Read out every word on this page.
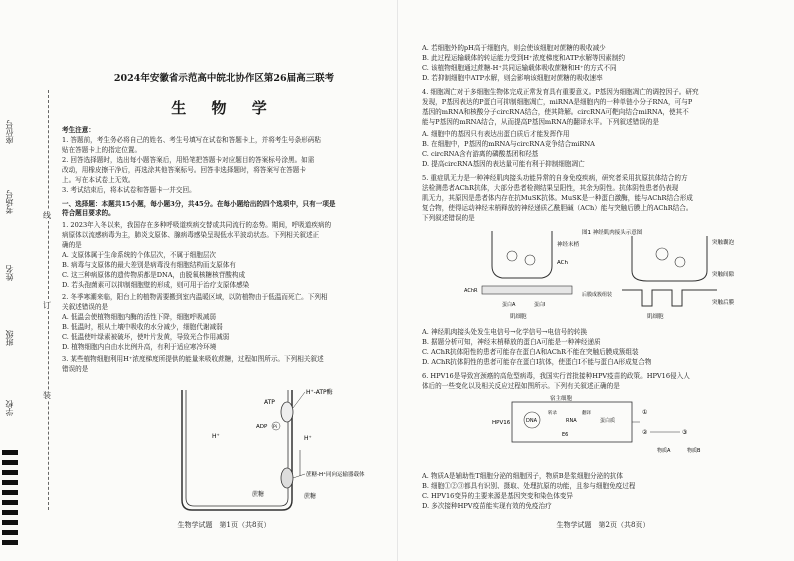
座位号
考场号
姓名
班级
学校
线
订
装
2024年安徽省示范高中皖北协作区第26届高三联考
生 物 学
考生注意：
1. 答题前，考生务必将自己的姓名、考生号填写在试卷和答题卡上，并将考生号条形码粘
贴在答题卡上的指定位置。
2. 回答选择题时，选出每小题答案后，用铅笔把答题卡对应题目的答案标号涂黑。如需
改动，用橡皮擦干净后，再选涂其他答案标号。回答非选择题时，将答案写在答题卡
上。写在本试卷上无效。
3. 考试结束后，将本试卷和答题卡一并交回。
一、选择题：本题共15小题，每小题3分，共45分。在每小题给出的四个选项中，只有一项是
符合题目要求的。
1. 2023年入冬以来，我国存在多种呼吸道疾病交替或共同流行的态势。期间，呼吸道疾病的
病原体以流感病毒为主，肺炎支原体、腺病毒感染呈现低水平波动状态。下列相关叙述正
确的是
A. 支原体属于生命系统的个体层次，不属于细胞层次
B. 病毒与支原体的最大差别是病毒没有细胞结构而支原体有
C. 这三种病原体的遗传物质都是DNA，由脱氧核糖核苷酸构成
D. 若头孢菌素可以抑制细胞壁的形成，则可用于治疗支原体感染
2. 冬季寒潮来临，阳台上的植物需要搬到室内温暖区域，以防植物由于低温而死亡。下列相
关叙述错误的是
A. 低温会使植物细胞内酶的活性下降，细胞呼吸减弱
B. 低温时，根从土壤中吸收的水分减少，细胞代谢减弱
C. 低温使叶绿素被破坏，使叶片发黄，导致光合作用减弱
D. 植物细胞内自由水比例升高，有利于适应寒冷环境
3. 某些植物细胞利用H⁺浓度梯度所提供的能量来吸收蔗糖，过程如图所示。下列相关叙述
错误的是
H⁺-ATP酶
ATP
ADP Pi
H⁺	H⁺
蔗糖-H⁺同向运输器载体
蔗糖	蔗糖
生物学试题　第1页（共8页）
A. 若细胞外的pH高于细胞内，则会使该细胞对蔗糖的吸收减少
B. 此过程运输载体的转运能力受到H⁺浓度梯度和ATP水解等因素制约
C. 该植物细胞通过蔗糖-H⁺共同运输载体吸收蔗糖和H⁺的方式不同
D. 若抑制细胞中ATP水解，则会影响该细胞对蔗糖的吸收速率
4. 细胞凋亡对于多细胞生物体完成正常发育具有重要意义。P基因为细胞凋亡的调控因子。研究
发现，P基因表达的P蛋白可抑制细胞凋亡，miRNA是细胞内的一种单链小分子RNA，可与P
基因的mRNA和核酸分子circRNA结合，使其降解。circRNA可靶向结合miRNA，使其不
能与P基因的mRNA结合，从而提高P基因mRNA的翻译水平。下列叙述错误的是
A. 细胞中的基因只有表达出蛋白质后才能发挥作用
B. 在细胞中，P基因的mRNA与circRNA竞争结合miRNA
C. circRNA含有游离的磷酸基团和羟基
D. 提高circRNA基因的表达量可能有利于抑制细胞凋亡
5. 重症肌无力是一种神经肌肉接头功能异常的自身免疫疾病，研究者采用抗原抗体结合的方
法检测患者AChR抗体，大部分患者检测结果呈阳性，其余为阴性。抗体阴性患者仍表现
肌无力，其原因是患者体内存在抗MuSK抗体。MuSK是一种蛋白激酶，能与AChR结合形成
复合物，使得运动神经末梢释放的神经递质乙酰胆碱（ACh）能与突触后膜上的AChR结合。
下列叙述错误的是
神经末梢
ACh
AChR
蛋白A	蛋白I
肌细胞
突触囊泡
突触间隙
突触后膜
后膜成簇组装
肌细胞
图1 神经肌肉接头示意图
A. 神经肌肉接头处发生电信号→化学信号→电信号的转换
B. 据题分析可知，神经末梢释放的蛋白A可能是一种神经递质
C. AChR抗体阳性的患者可能存在蛋白A和AChR不能在突触后膜成簇组装
D. AChR抗体阴性的患者可能存在蛋白I抗体，使蛋白I不能与蛋白A形成复合物
6. HPV16是导致宫颈癌的高危型病毒，我国实行首批接种HPV疫苗的政策。HPV16侵入人
体后的一些变化以及相关反应过程如图所示。下列有关叙述正确的是
宿主细胞
HPV16	DNA
转录
RNA
翻译
蛋白质
E6
①
②	③
物质A	物质B
A. 物质A是辅助性T细胞分泌的细胞因子，物质B是浆细胞分泌的抗体
B. 细胞①②③都具有识别、摄取、处理抗原的功能，且参与细胞免疫过程
C. HPV16变异的主要来源是基因突变和染色体变异
D. 多次接种HPV疫苗能实现有效的免疫治疗
生物学试题　第2页（共8页）
